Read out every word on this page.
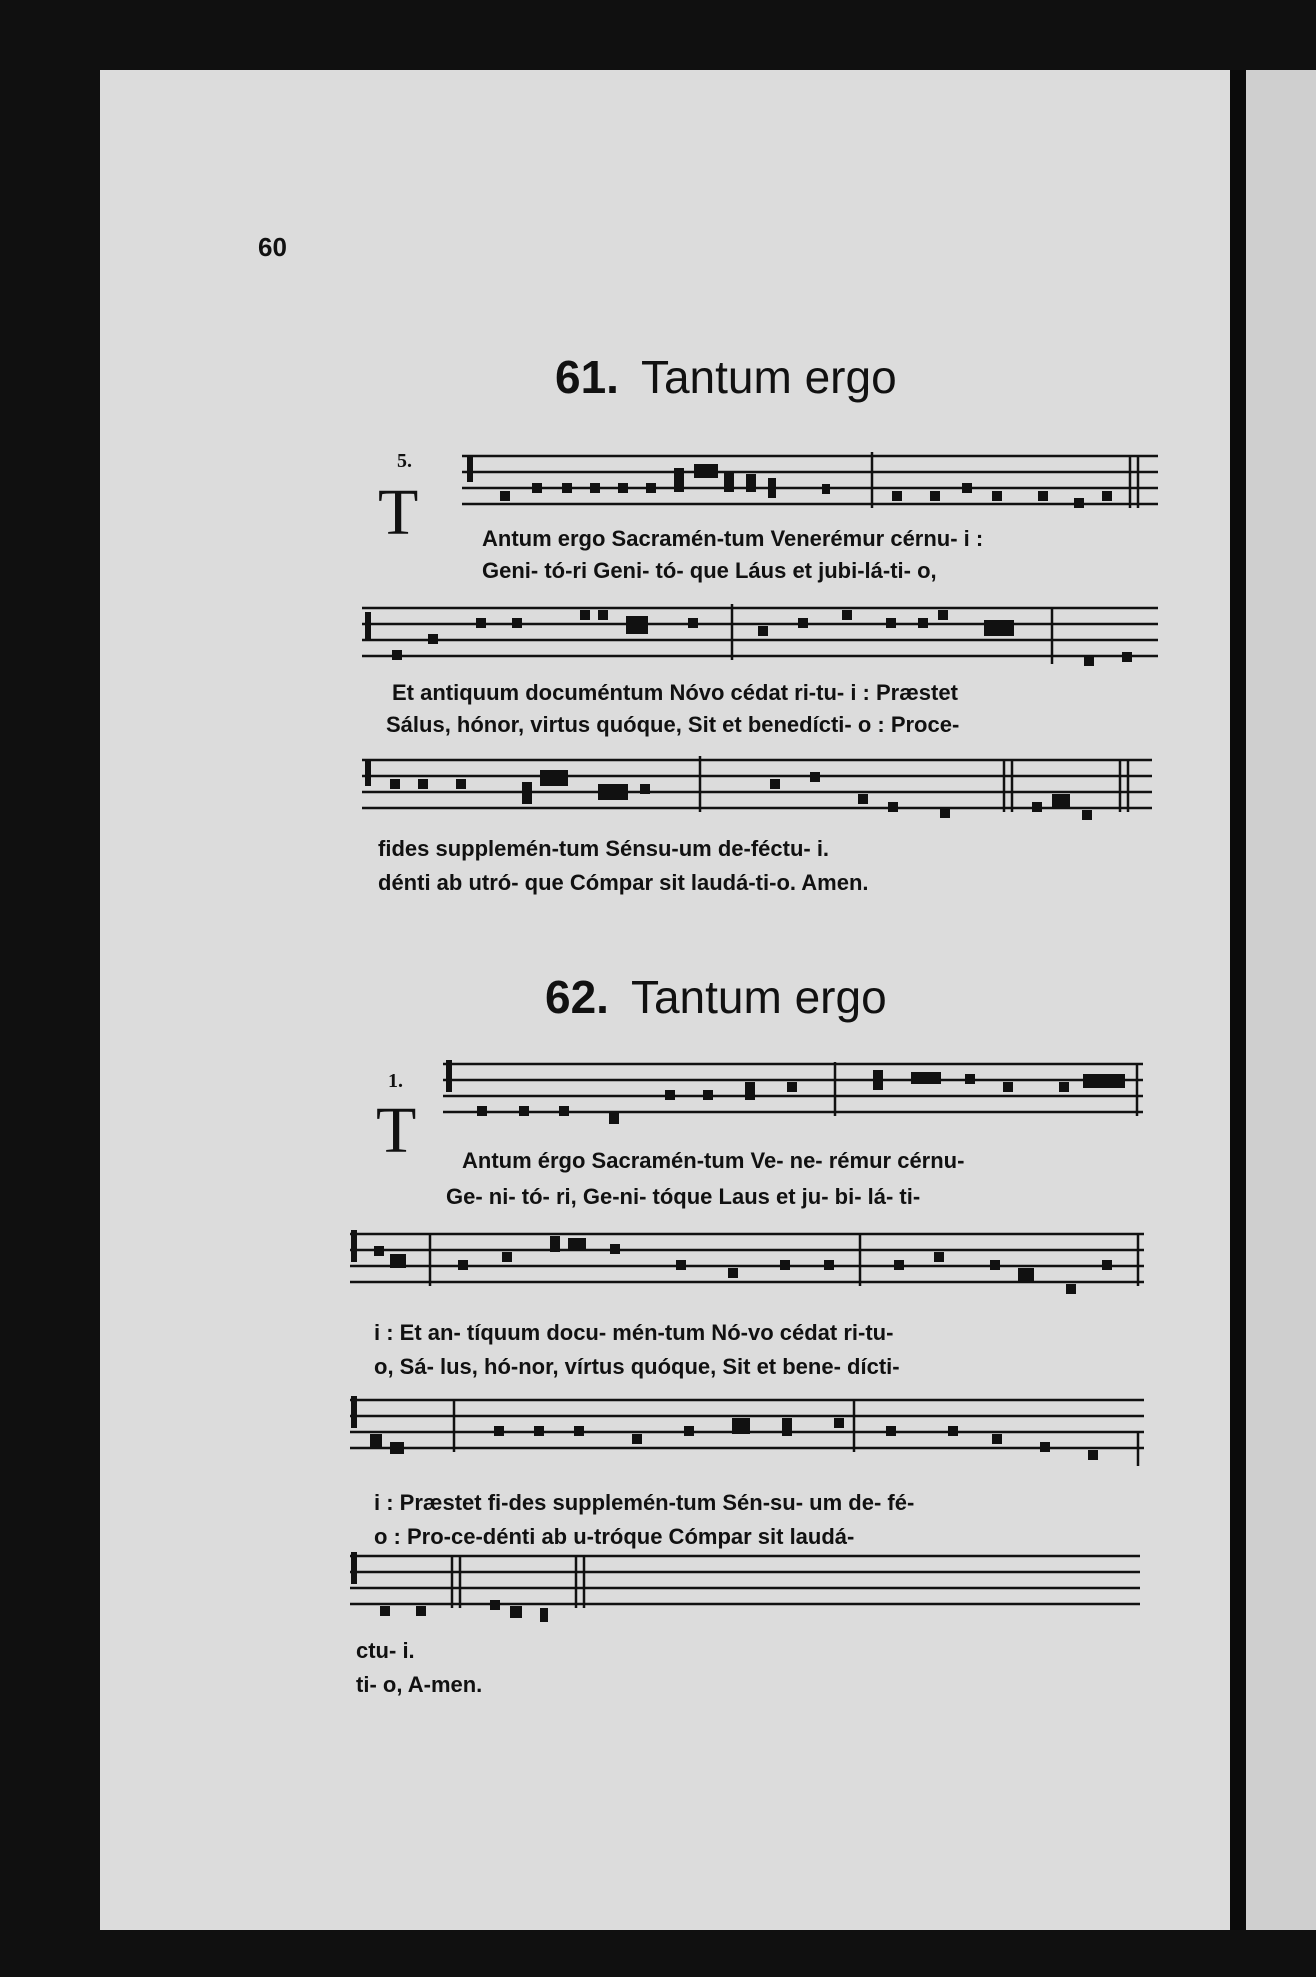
60
61. Tantum ergo
5.
T	Antum ergo Sacramén-tum Venerémur cérnu- i :
Geni- tó-ri Geni- tó- que Láus et jubi-lá-ti- o,
Et antiquum documéntum Nóvo cédat ri-tu- i : Præstet
Sálus, hónor, virtus quóque, Sit et benedícti- o : Proce-
fides supplemén-tum Sénsu-um de-féctu- i.
dénti ab utró- que Cómpar sit laudá-ti-o. Amen.
62. Tantum ergo
1.
T Antum érgo Sacramén-tum Ve- ne- rémur cérnu-
Ge- ni- tó- ri, Ge-ni- tóque Laus et ju- bi- lá- ti-
i : Et an- tíquum docu- mén-tum Nó-vo cédat ri-tu-
o, Sá- lus, hó-nor, vírtus quóque, Sit et bene- dícti-
i : Præstet fi-des supplemén-tum Sén-su- um de- fé-
o : Pro-ce-dénti ab u-tróque Cómpar sit laudá-
ctu- i.
ti- o, A-men.
